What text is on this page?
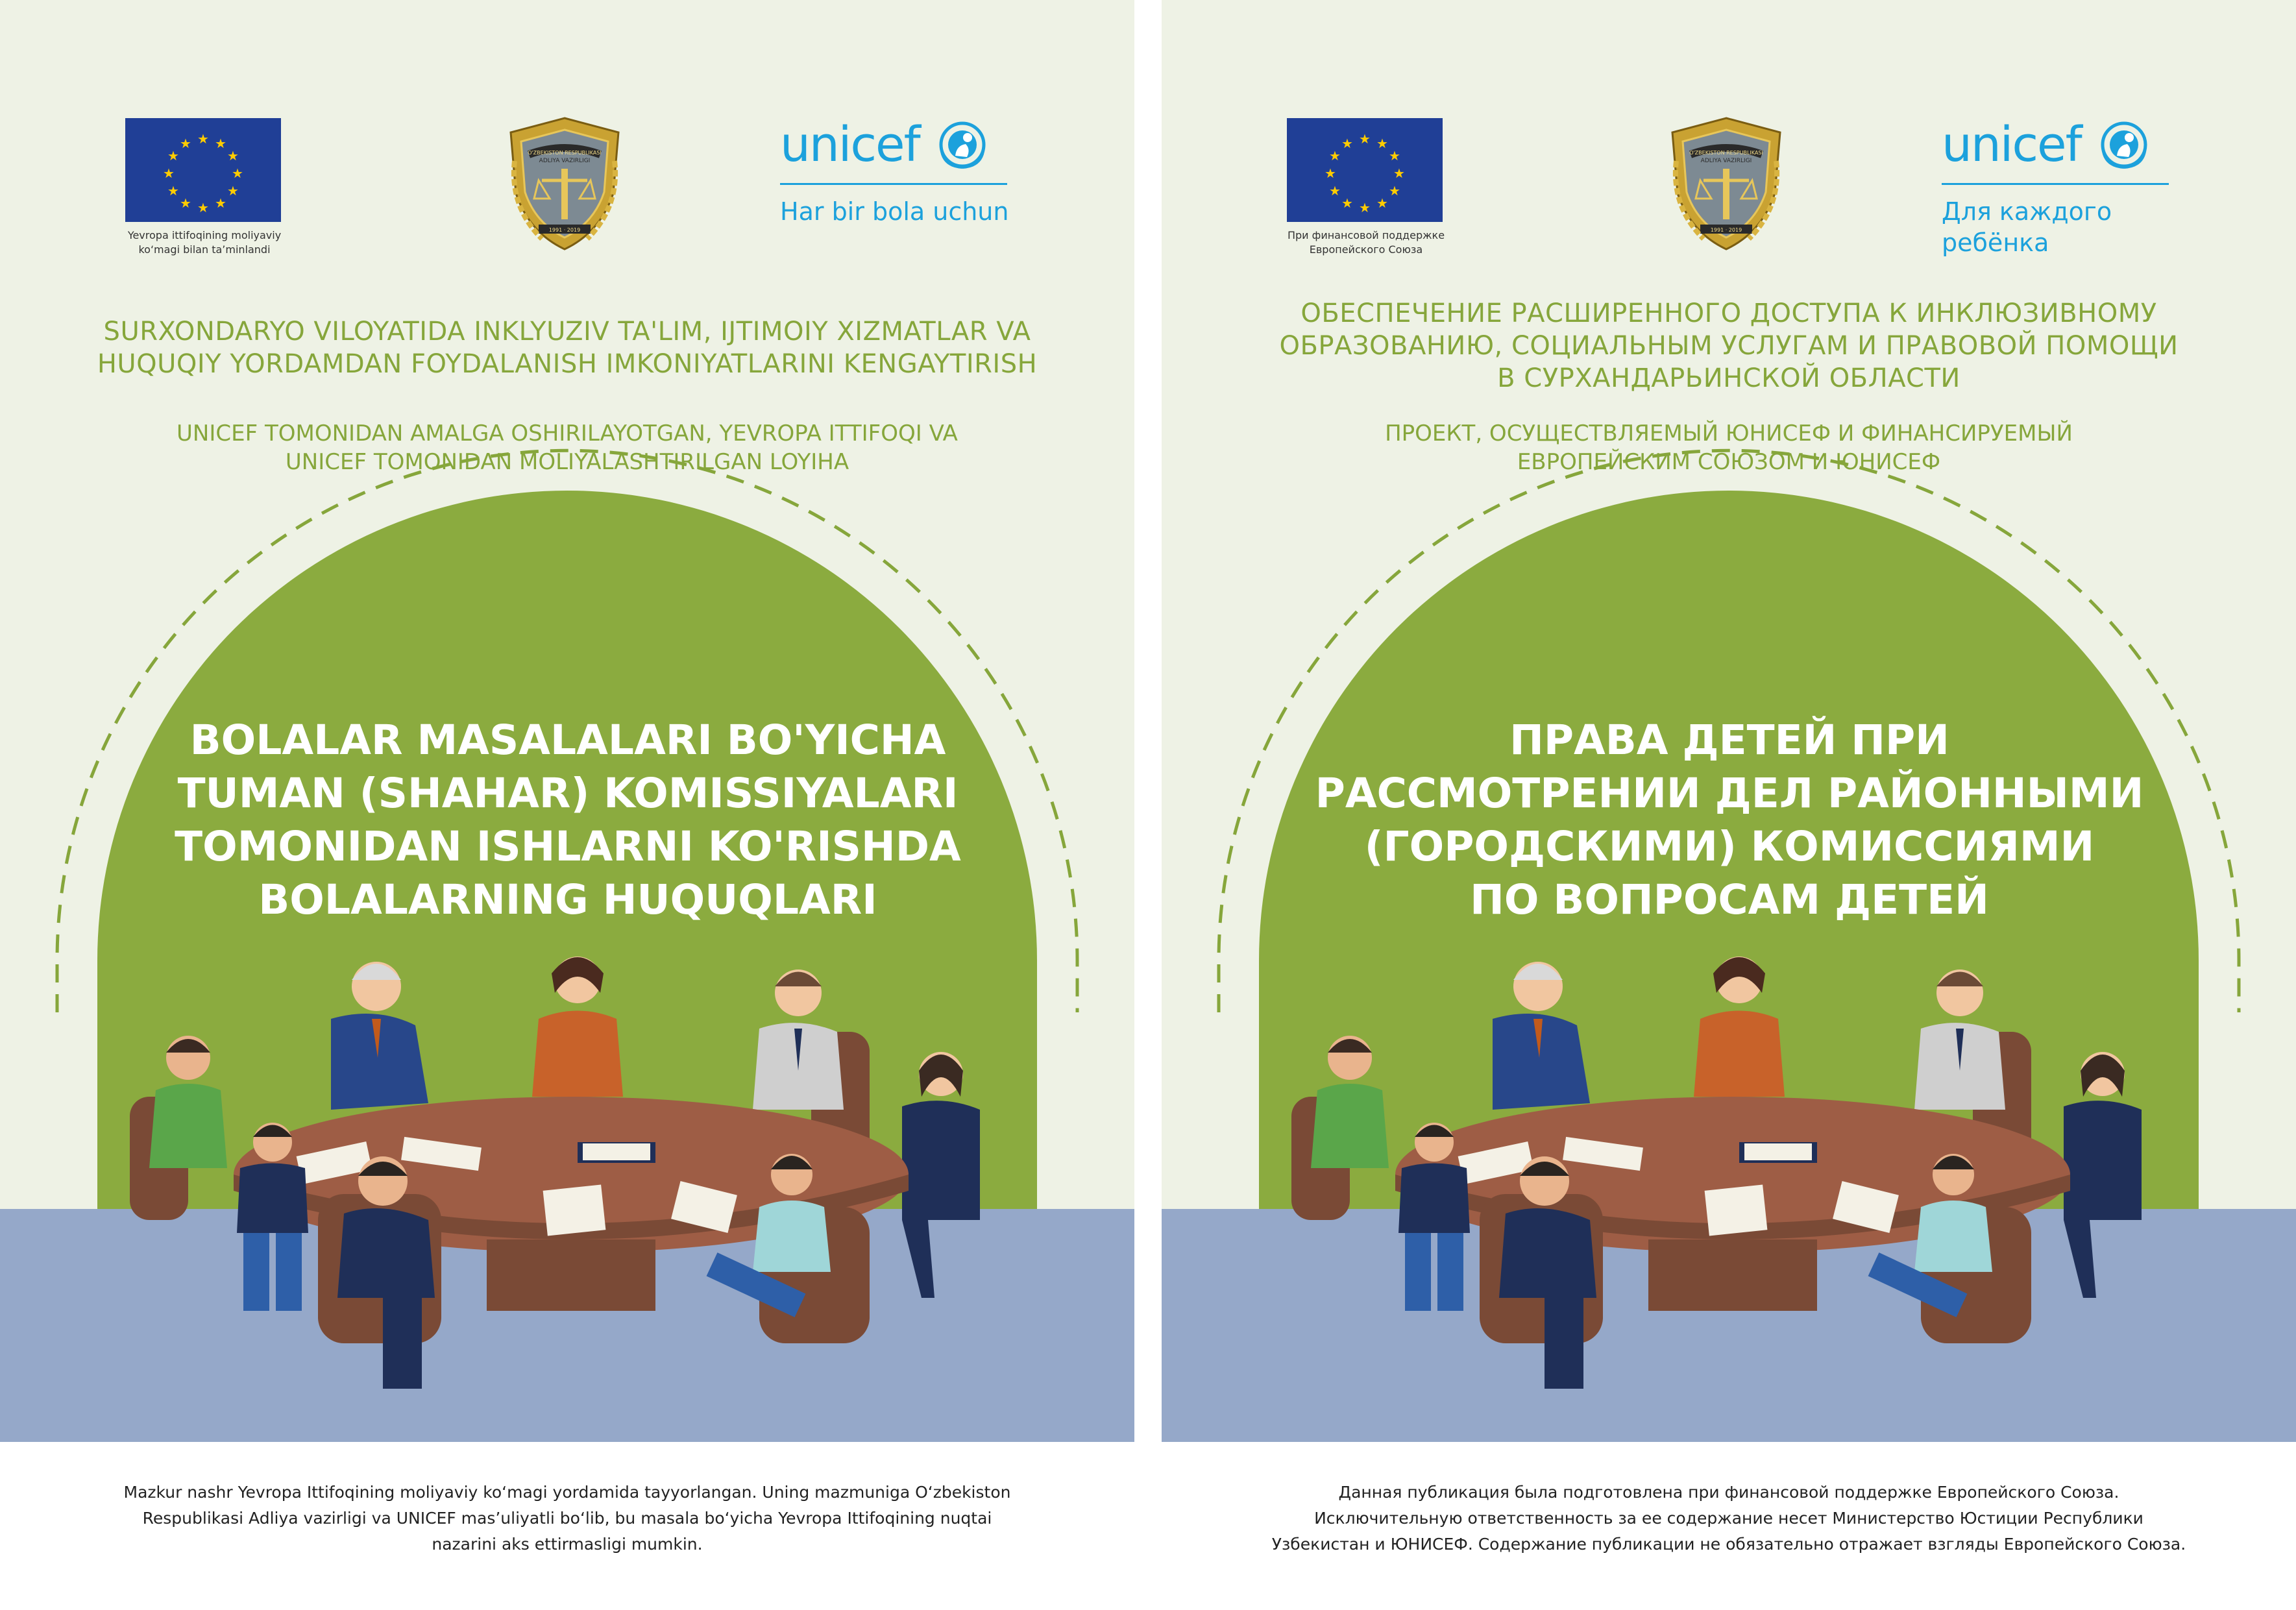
★ ★
★
★
★
★
★
★
★
★
★
★
Yevropa ittifoqining moliyaviy
ko‘magi bilan ta’minlandi
O'ZBEKISTON RESPUBLIKASI
ADLIYA VAZIRLIGI
1991 · 2019
unicef
Har bir bola uchun
SURXONDARYO VILOYATIDA INKLYUZIV TA'LIM, IJTIMOIY XIZMATLAR VA
HUQUQIY YORDAMDAN FOYDALANISH IMKONIYATLARINI KENGAYTIRISH
UNICEF TOMONIDAN AMALGA OSHIRILAYOTGAN, YEVROPA ITTIFOQI VA
UNICEF TOMONIDAN MOLIYALASHTIRILGAN LOYIHA
BOLALAR MASALALARI BO'YICHA
TUMAN (SHAHAR) KOMISSIYALARI
TOMONIDAN ISHLARNI KO'RISHDA
BOLALARNING HUQUQLARI
Mazkur nashr Yevropa Ittifoqining moliyaviy ko‘magi yordamida tayyorlangan. Uning mazmuniga O‘zbekiston
Respublikasi Adliya vazirligi va UNICEF mas’uliyatli bo‘lib, bu masala bo‘yicha Yevropa Ittifoqining nuqtai
nazarini aks ettirmasligi mumkin.
★ ★
★
★
★
★
★
★
★
★
★
★
При финансовой поддержке
Европейского Союза
O'ZBEKISTON RESPUBLIKASI
ADLIYA VAZIRLIGI
1991 · 2019
unicef
Для каждого ребёнка
ОБЕСПЕЧЕНИЕ РАСШИРЕННОГО ДОСТУПА К ИНКЛЮЗИВНОМУ
ОБРАЗОВАНИЮ, СОЦИАЛЬНЫМ УСЛУГАМ И ПРАВОВОЙ ПОМОЩИ
В СУРХАНДАРЬИНСКОЙ ОБЛАСТИ
ПРОЕКТ, ОСУЩЕСТВЛЯЕМЫЙ ЮНИСЕФ И ФИНАНСИРУЕМЫЙ
ЕВРОПЕЙСКИМ СОЮЗОМ И ЮНИСЕФ
ПРАВА ДЕТЕЙ ПРИ
РАССМОТРЕНИИ ДЕЛ РАЙОННЫМИ
(ГОРОДСКИМИ) КОМИССИЯМИ
ПО ВОПРОСАМ ДЕТЕЙ
Данная публикация была подготовлена при финансовой поддержке Европейского Союза.
Исключительную ответственность за ее содержание несет Министерство Юстиции Республики
Узбекистан и ЮНИСЕФ. Содержание публикации не обязательно отражает взгляды Европейского Союза.
